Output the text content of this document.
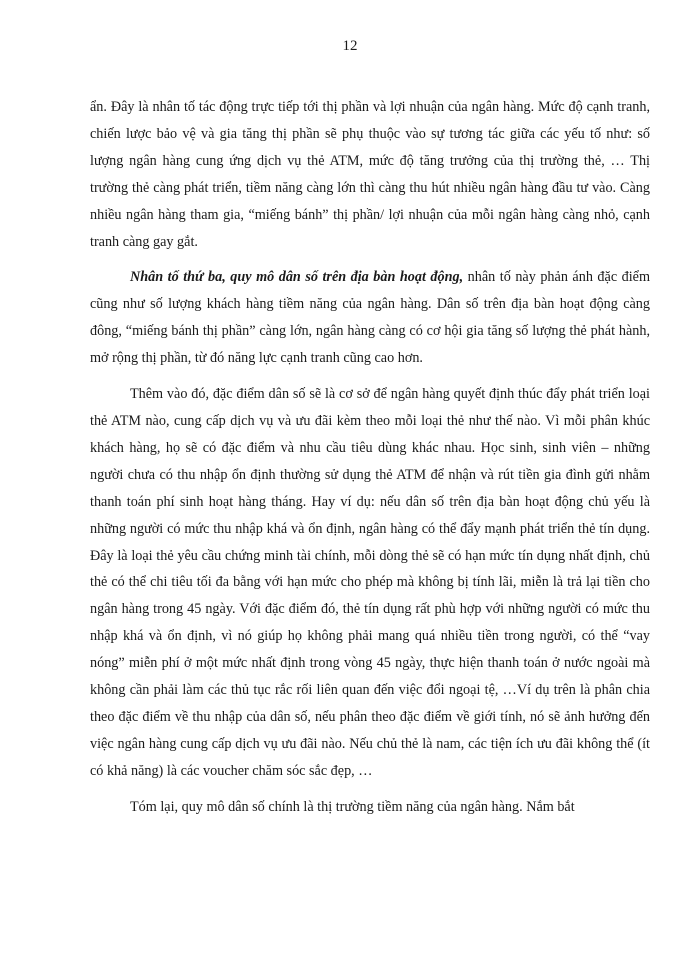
12

ẩn. Đây là nhân tố tác động trực tiếp tới thị phần và lợi nhuận của ngân hàng. Mức độ cạnh tranh, chiến lược bảo vệ và gia tăng thị phần sẽ phụ thuộc vào sự tương tác giữa các yếu tố như: số lượng ngân hàng cung ứng dịch vụ thẻ ATM, mức độ tăng trưởng của thị trường thẻ, … Thị trường thẻ càng phát triển, tiềm năng càng lớn thì càng thu hút nhiều ngân hàng đầu tư vào. Càng nhiều ngân hàng tham gia, “miếng bánh” thị phần/ lợi nhuận của mỗi ngân hàng càng nhỏ, cạnh tranh càng gay gắt.

Nhân tố thứ ba, quy mô dân số trên địa bàn hoạt động, nhân tố này phản ánh đặc điểm cũng như số lượng khách hàng tiềm năng của ngân hàng. Dân số trên địa bàn hoạt động càng đông, “miếng bánh thị phần” càng lớn, ngân hàng càng có cơ hội gia tăng số lượng thẻ phát hành, mở rộng thị phần, từ đó năng lực cạnh tranh cũng cao hơn.

Thêm vào đó, đặc điểm dân số sẽ là cơ sở để ngân hàng quyết định thúc đẩy phát triển loại thẻ ATM nào, cung cấp dịch vụ và ưu đãi kèm theo mỗi loại thẻ như thế nào. Vì mỗi phân khúc khách hàng, họ sẽ có đặc điểm và nhu cầu tiêu dùng khác nhau. Học sinh, sinh viên – những người chưa có thu nhập ổn định thường sử dụng thẻ ATM để nhận và rút tiền gia đình gửi nhằm thanh toán phí sinh hoạt hàng tháng. Hay ví dụ: nếu dân số trên địa bàn hoạt động chủ yếu là những người có mức thu nhập khá và ổn định, ngân hàng có thể đẩy mạnh phát triển thẻ tín dụng. Đây là loại thẻ yêu cầu chứng minh tài chính, mỗi dòng thẻ sẽ có hạn mức tín dụng nhất định, chủ thẻ có thể chi tiêu tối đa bằng với hạn mức cho phép mà không bị tính lãi, miễn là trả lại tiền cho ngân hàng trong 45 ngày. Với đặc điểm đó, thẻ tín dụng rất phù hợp với những người có mức thu nhập khá và ổn định, vì nó giúp họ không phải mang quá nhiều tiền trong người, có thể “vay nóng” miễn phí ở một mức nhất định trong vòng 45 ngày, thực hiện thanh toán ở nước ngoài mà không cần phải làm các thủ tục rắc rối liên quan đến việc đổi ngoại tệ, …Ví dụ trên là phân chia theo đặc điểm về thu nhập của dân số, nếu phân theo đặc điểm về giới tính, nó sẽ ảnh hưởng đến việc ngân hàng cung cấp dịch vụ ưu đãi nào. Nếu chủ thẻ là nam, các tiện ích ưu đãi không thể (ít có khả năng) là các voucher chăm sóc sắc đẹp, …

Tóm lại, quy mô dân số chính là thị trường tiềm năng của ngân hàng. Nắm bắt
